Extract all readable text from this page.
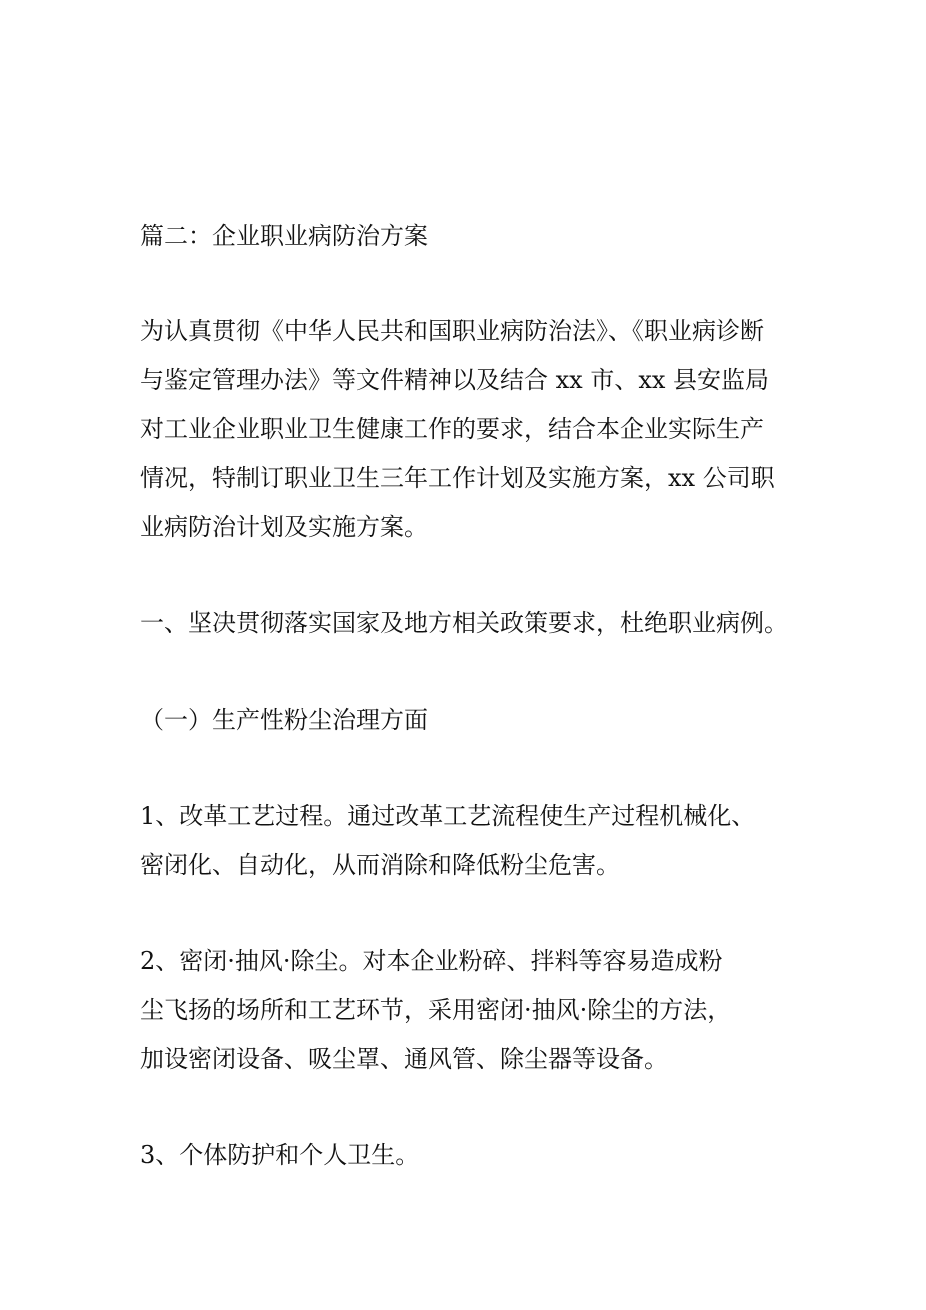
篇二：企业职业病防治方案
为认真贯彻《中华人民共和国职业病防治法》、《职业病诊断
与鉴定管理办法》等文件精神以及结合 xx 市、xx 县安监局
对工业企业职业卫生健康工作的要求，结合本企业实际生产
情况，特制订职业卫生三年工作计划及实施方案，xx 公司职
业病防治计划及实施方案。
一、坚决贯彻落实国家及地方相关政策要求，杜绝职业病例。
（一）生产性粉尘治理方面
1、改革工艺过程。通过改革工艺流程使生产过程机械化、
密闭化、自动化，从而消除和降低粉尘危害。
2、密闭·抽风·除尘。对本企业粉碎、拌料等容易造成粉
尘飞扬的场所和工艺环节，采用密闭·抽风·除尘的方法，
加设密闭设备、吸尘罩、通风管、除尘器等设备。
3、个体防护和个人卫生。
